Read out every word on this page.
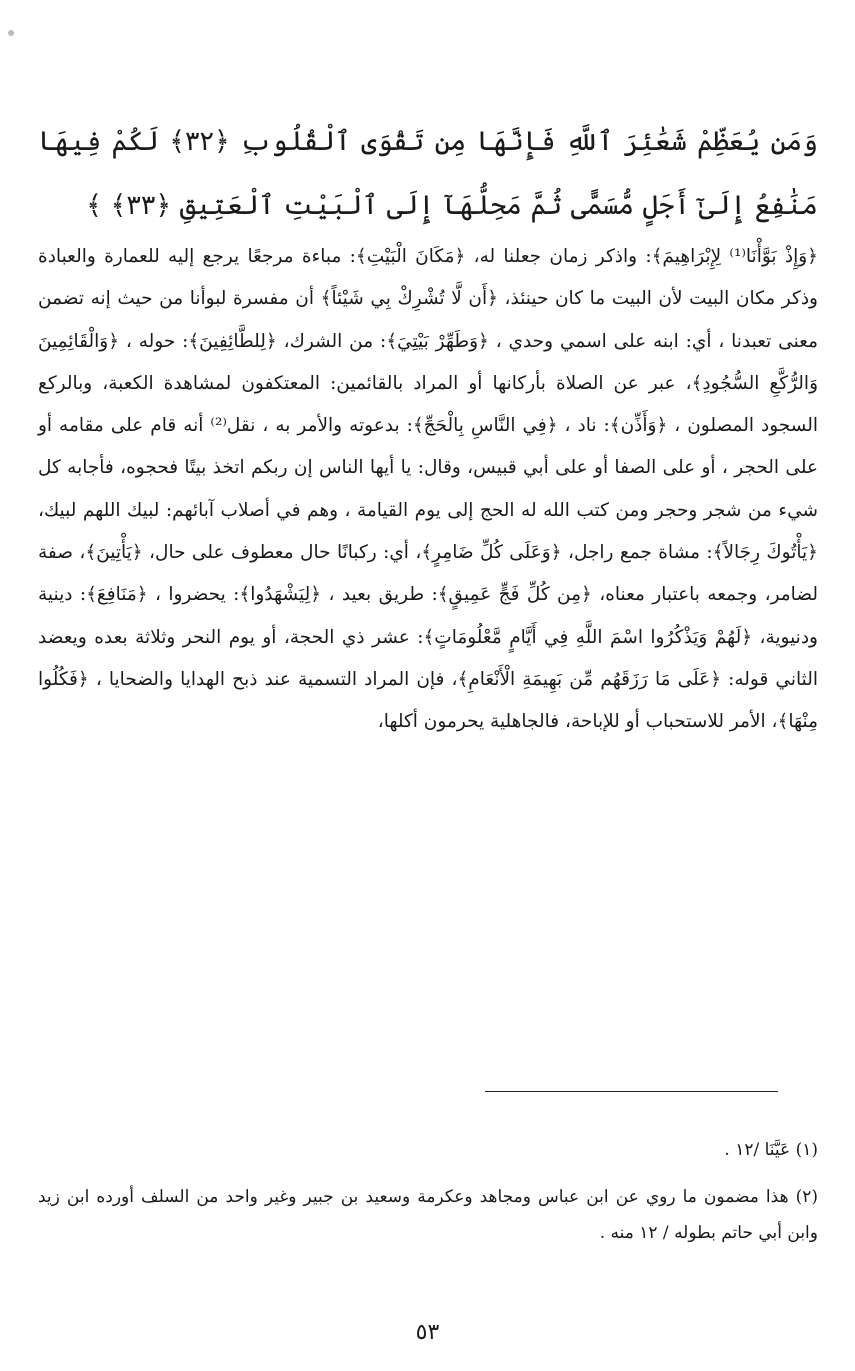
وَمَن يُعَظِّمْ شَعَٰئِرَ ٱللَّهِ فَإِنَّهَا مِن تَقْوَى ٱلْقُلُوبِ ﴿٣٢﴾ لَكُمْ فِيهَا مَنَٰفِعُ إِلَىٰٓ أَجَلٍ مُّسَمًّى ثُمَّ مَحِلُّهَآ إِلَى ٱلْبَيْتِ ٱلْعَتِيقِ ﴿٣٣﴾ ﴾
﴿وَإِذْ بَوَّأْنَا⁽¹⁾ لِإِبْرَاهِيمَ﴾: واذكر زمان جعلنا له، ﴿مَكَانَ الْبَيْتِ﴾: مباءة مرجعًا يرجع إليه للعمارة والعبادة وذكر مكان البيت لأن البيت ما كان حينئذ، ﴿أَن لَّا تُشْرِكْ بِي شَيْئاً﴾ أن مفسرة لبوأنا من حيث إنه تضمن معنى تعبدنا ، أي: ابنه على اسمي وحدي ، ﴿وَطَهِّرْ بَيْتِيَ﴾: من الشرك، ﴿لِلطَّائِفِينَ﴾: حوله ، ﴿وَالْقَائِمِينَ وَالرُّكَّعِ السُّجُودِ﴾، عبر عن الصلاة بأركانها أو المراد بالقائمين: المعتكفون لمشاهدة الكعبة، وبالركع السجود المصلون ، ﴿وَأَذِّن﴾: ناد ، ﴿فِي النَّاسِ بِالْحَجِّ﴾: بدعوته والأمر به ، نقل⁽²⁾ أنه قام على مقامه أو على الحجر ، أو على الصفا أو على أبي قبيس، وقال: يا أيها الناس إن ربكم اتخذ بيتًا فحجوه، فأجابه كل شيء من شجر وحجر ومن كتب الله له الحج إلى يوم القيامة ، وهم في أصلاب آبائهم: لبيك اللهم لبيك، ﴿يَأْتُوكَ رِجَالاً﴾: مشاة جمع راجل، ﴿وَعَلَى كُلِّ ضَامِرٍ﴾، أي: ركبانًا حال معطوف على حال، ﴿يَأْتِينَ﴾، صفة لضامر، وجمعه باعتبار معناه، ﴿مِن كُلِّ فَجٍّ عَمِيقٍ﴾: طريق بعيد ، ﴿لِيَشْهَدُوا﴾: يحضروا ، ﴿مَنَافِعَ﴾: دينية ودنيوية، ﴿لَهُمْ وَيَذْكُرُوا اسْمَ اللَّهِ فِي أَيَّامٍ مَّعْلُومَاتٍ﴾: عشر ذي الحجة، أو يوم النحر وثلاثة بعده ويعضد الثاني قوله: ﴿عَلَى مَا رَزَقَهُم مِّن بَهِيمَةِ الْأَنْعَامِ﴾، فإن المراد التسمية عند ذبح الهدايا والضحايا ، ﴿فَكُلُوا مِنْهَا﴾، الأمر للاستحباب أو للإباحة، فالجاهلية يحرمون أكلها،
(١) عَيَّنَا /١٢ .
(٢) هذا مضمون ما روي عن ابن عباس ومجاهد وعكرمة وسعيد بن جبير وغير واحد من السلف أورده ابن زيد وابن أبي حاتم بطوله / ١٢ منه .
٥٣
